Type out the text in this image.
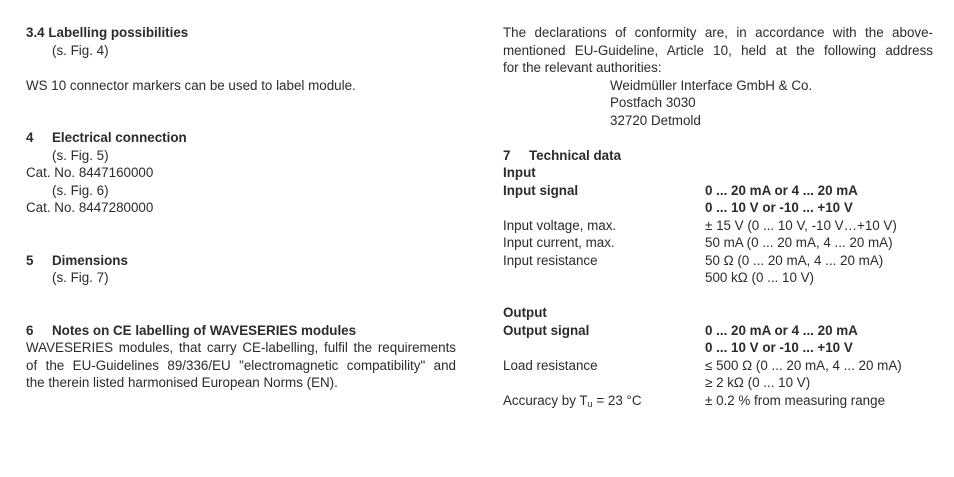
3.4 Labelling possibilities
(s. Fig. 4)
WS 10 connector markers can be used to label module.
4 Electrical connection
(s. Fig. 5)
Cat. No. 8447160000
(s. Fig. 6)
Cat. No. 8447280000
5 Dimensions
(s. Fig. 7)
6 Notes on CE labelling of WAVESERIES modules
WAVESERIES modules, that carry CE-labelling, fulfil the requirements
of the EU-Guidelines 89/336/EU "electromagnetic compatibility" and
the therein listed harmonised European Norms (EN).
The declarations of conformity are, in accordance with the above-
mentioned EU-Guideline, Article 10, held at the following address
for the relevant authorities:
Weidmüller Interface GmbH & Co.
Postfach 3030
32720 Detmold
7 Technical data
Input
Input signal	0 ... 20 mA or 4 ... 20 mA
0 ... 10 V or -10 ... +10 V
Input voltage, max.	± 15 V (0 ... 10 V, -10 V…+10 V)
Input current, max.	50 mA (0 ... 20 mA, 4 ... 20 mA)
Input resistance	50 Ω (0 ... 20 mA, 4 ... 20 mA)
500 kΩ (0 ... 10 V)
Output
Output signal	0 ... 20 mA or 4 ... 20 mA
0 ... 10 V or -10 ... +10 V
Load resistance	≤ 500 Ω (0 ... 20 mA, 4 ... 20 mA)
≥ 2 kΩ (0 ... 10 V)
Accuracy by $T_u = 23$ °C	± 0.2 % from measuring range
